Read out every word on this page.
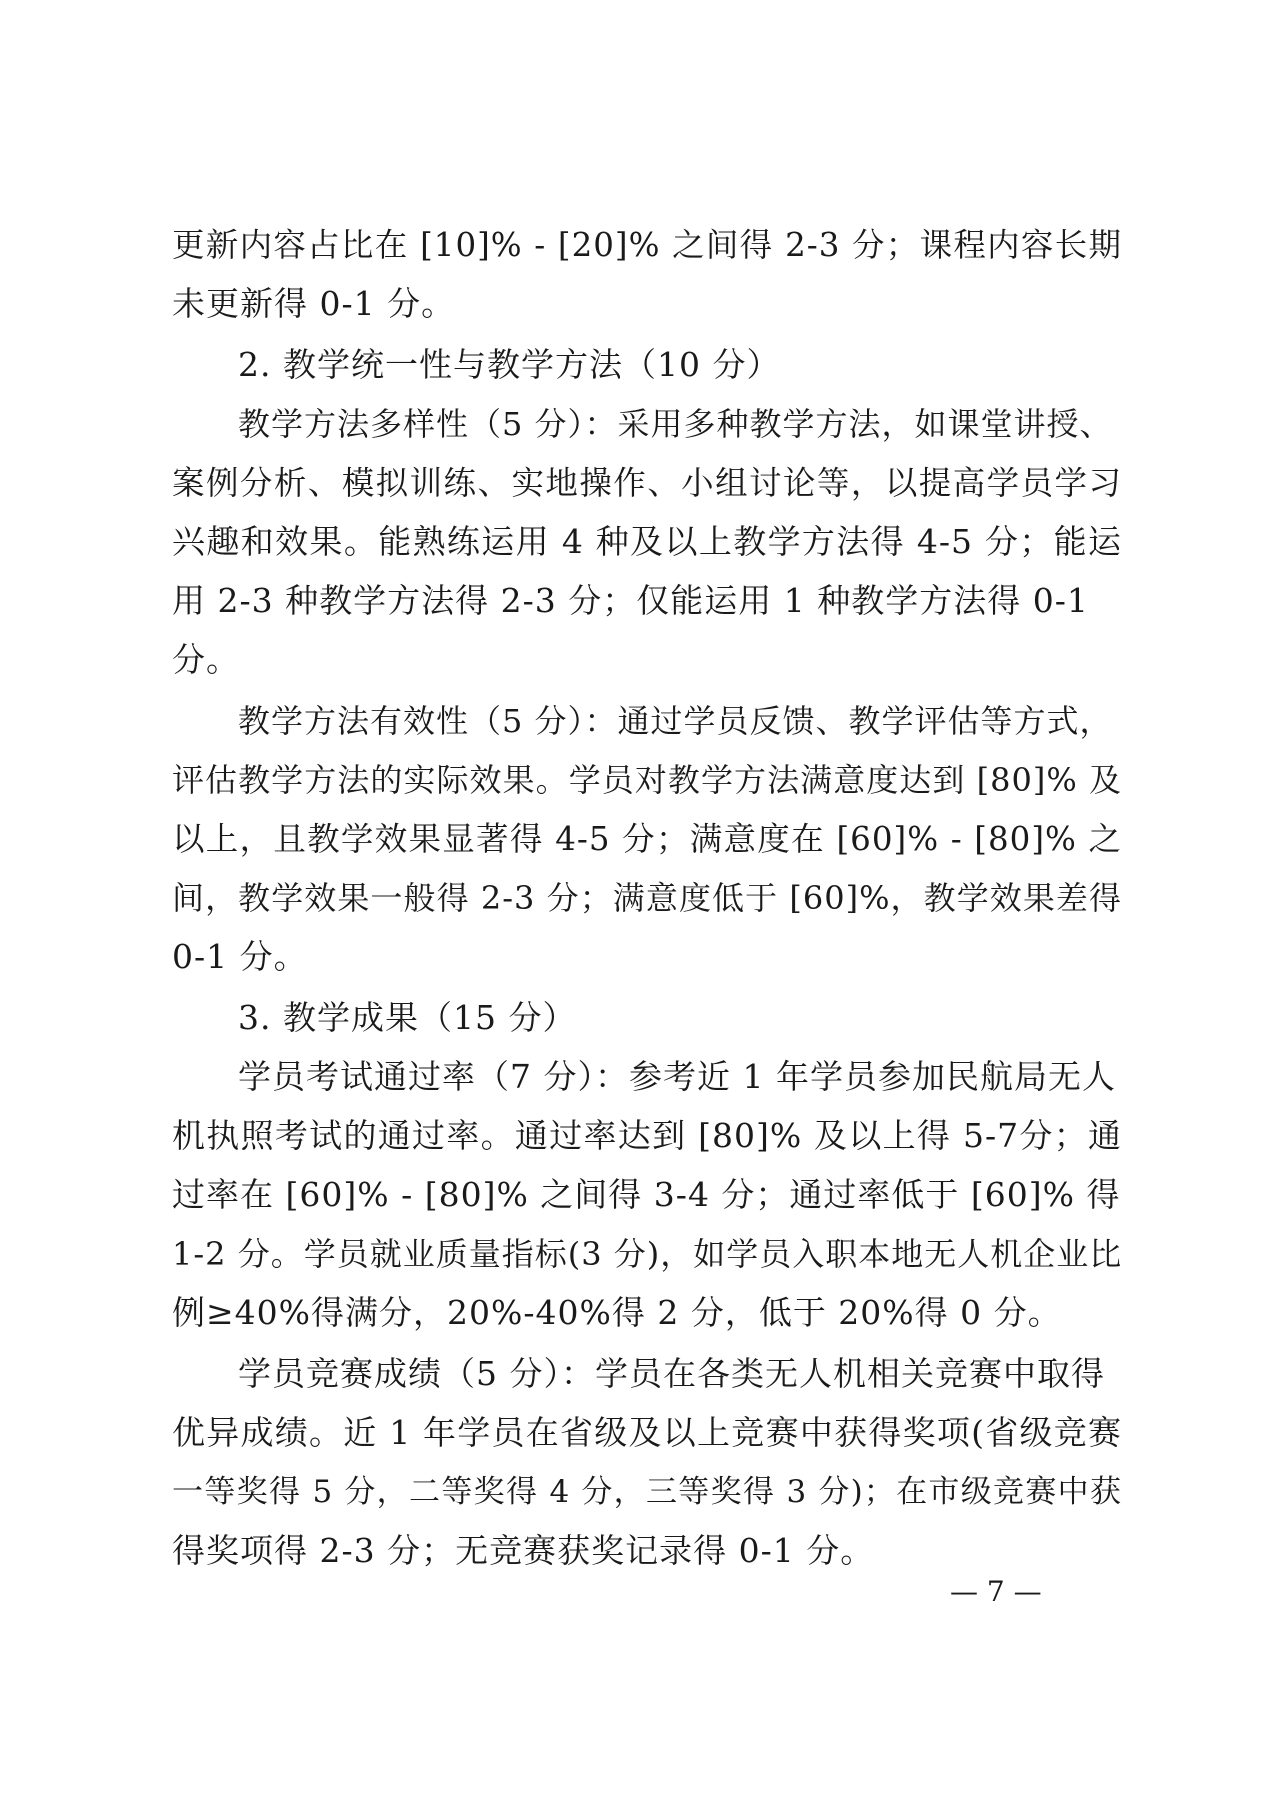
更新内容占比在 [10]% - [20]% 之间得 2-3 分；课程内容长期
未更新得 0-1 分。
2. 教学统一性与教学方法（10 分）
教学方法多样性（5 分）：采用多种教学方法，如课堂讲授、
案例分析、模拟训练、实地操作、小组讨论等，以提高学员学习
兴趣和效果。能熟练运用 4 种及以上教学方法得 4-5 分；能运
用 2-3 种教学方法得 2-3 分；仅能运用 1 种教学方法得 0-1
分。
教学方法有效性（5 分）：通过学员反馈、教学评估等方式，
评估教学方法的实际效果。学员对教学方法满意度达到 [80]% 及
以上，且教学效果显著得 4-5 分；满意度在 [60]% - [80]% 之
间，教学效果一般得 2-3 分；满意度低于 [60]%，教学效果差得
0-1 分。
3. 教学成果（15 分）
学员考试通过率（7 分）：参考近 1 年学员参加民航局无人
机执照考试的通过率。通过率达到 [80]% 及以上得 5-7分；通
过率在 [60]% - [80]% 之间得 3-4 分；通过率低于 [60]% 得
1-2 分。学员就业质量指标(3 分)，如学员入职本地无人机企业比
例≥40%得满分，20%-40%得 2 分，低于 20%得 0 分。
学员竞赛成绩（5 分）：学员在各类无人机相关竞赛中取得
优异成绩。近 1 年学员在省级及以上竞赛中获得奖项(省级竞赛
一等奖得 5 分，二等奖得 4 分，三等奖得 3 分)；在市级竞赛中获
得奖项得 2-3 分；无竞赛获奖记录得 0-1 分。
— 7 —
